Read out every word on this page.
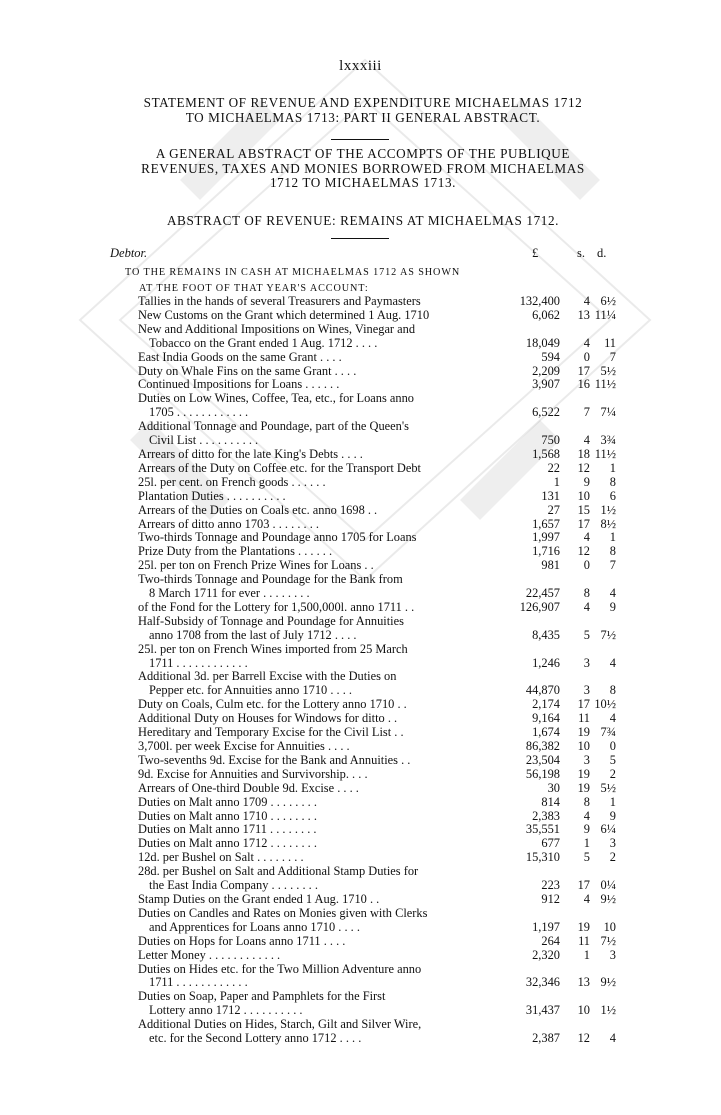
lxxxiii
STATEMENT OF REVENUE AND EXPENDITURE MICHAELMAS 1712
TO MICHAELMAS 1713: PART II GENERAL ABSTRACT.
A GENERAL ABSTRACT OF THE ACCOMPTS OF THE PUBLIQUE
REVENUES, TAXES AND MONIES BORROWED FROM MICHAELMAS
1712 TO MICHAELMAS 1713.
ABSTRACT OF REVENUE: REMAINS AT MICHAELMAS 1712.
Debtor.	£	s. d.
TO THE REMAINS IN CASH AT MICHAELMAS 1712 AS SHOWN
AT THE FOOT OF THAT YEAR'S ACCOUNT:
Tallies in the hands of several Treasurers and Paymasters	132,400	4 6½
New Customs on the Grant which determined 1 Aug. 1710	6,062	13 11¼
New and Additional Impositions on Wines, Vinegar and
Tobacco on the Grant ended 1 Aug. 1712 . . . .	18,049	4	11
East India Goods on the same Grant . . . .	594	0	7
Duty on Whale Fins on the same Grant . . . .	2,209	17 5½
Continued Impositions for Loans . . . . . .	3,907	16 11½
Duties on Low Wines, Coffee, Tea, etc., for Loans anno
1705 . . . . . . . . . . . .	6,522	7 7¼
Additional Tonnage and Poundage, part of the Queen's
Civil List . . . . . . . . . .	750	4 3¾
Arrears of ditto for the late King's Debts . . . .	1,568	18 11½
Arrears of the Duty on Coffee etc. for the Transport Debt	22	12	1
25l. per cent. on French goods . . . . . .	1	9	8
Plantation Duties . . . . . . . . . .	131	10	6
Arrears of the Duties on Coals etc. anno 1698 . .	27	15 1½
Arrears of ditto anno 1703 . . . . . . . .	1,657	17 8½
Two-thirds Tonnage and Poundage anno 1705 for Loans	1,997	4	1
Prize Duty from the Plantations . . . . . .	1,716	12	8
25l. per ton on French Prize Wines for Loans . .	981	0	7
Two-thirds Tonnage and Poundage for the Bank from
8 March 1711 for ever . . . . . . . .	22,457	8	4
of the Fond for the Lottery for 1,500,000l. anno 1711 . .	126,907	4	9
Half-Subsidy of Tonnage and Poundage for Annuities
anno 1708 from the last of July 1712 . . . .	8,435	5 7½
25l. per ton on French Wines imported from 25 March
1711 . . . . . . . . . . . .	1,246	3	4
Additional 3d. per Barrell Excise with the Duties on
Pepper etc. for Annuities anno 1710 . . . .	44,870	3	8
Duty on Coals, Culm etc. for the Lottery anno 1710 . .	2,174	17 10½
Additional Duty on Houses for Windows for ditto . .	9,164	11	4
Hereditary and Temporary Excise for the Civil List . .	1,674	19 7¾
3,700l. per week Excise for Annuities . . . .	86,382	10	0
Two-sevenths 9d. Excise for the Bank and Annuities . .	23,504	3	5
9d. Excise for Annuities and Survivorship. . . .	56,198	19	2
Arrears of One-third Double 9d. Excise . . . .	30	19 5½
Duties on Malt anno 1709 . . . . . . . .	814	8	1
Duties on Malt anno 1710 . . . . . . . .	2,383	4	9
Duties on Malt anno 1711 . . . . . . . .	35,551	9 6¼
Duties on Malt anno 1712 . . . . . . . .	677	1	3
12d. per Bushel on Salt . . . . . . . .	15,310	5	2
28d. per Bushel on Salt and Additional Stamp Duties for
the East India Company . . . . . . . .	223	17 0¼
Stamp Duties on the Grant ended 1 Aug. 1710 . .	912	4 9½
Duties on Candles and Rates on Monies given with Clerks
and Apprentices for Loans anno 1710 . . . .	1,197	19	10
Duties on Hops for Loans anno 1711 . . . .	264	11 7½
Letter Money . . . . . . . . . . . .	2,320	1	3
Duties on Hides etc. for the Two Million Adventure anno
1711 . . . . . . . . . . . .	32,346	13 9½
Duties on Soap, Paper and Pamphlets for the First
Lottery anno 1712 . . . . . . . . . .	31,437	10 1½
Additional Duties on Hides, Starch, Gilt and Silver Wire,
etc. for the Second Lottery anno 1712 . . . .	2,387	12	4
